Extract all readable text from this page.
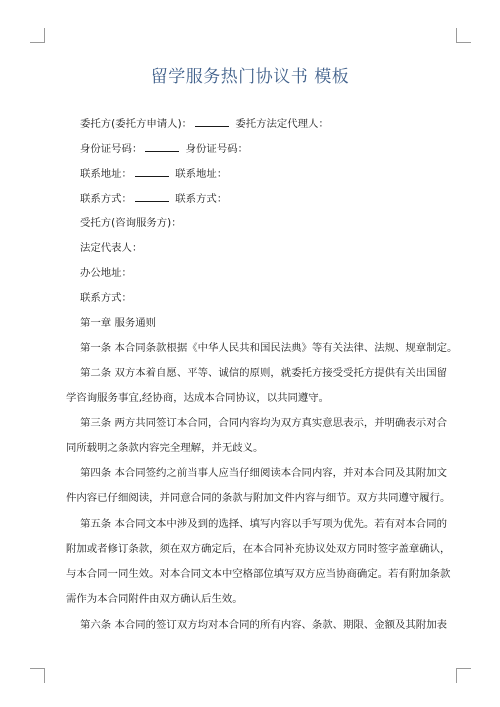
留学服务热门协议书 模板
委托方(委托方申请人)：	委托方法定代理人：
身份证号码：	身份证号码：
联系地址：	联系地址：
联系方式：	联系方式：
受托方(咨询服务方)：
法定代表人：
办公地址：
联系方式：
第一章 服务通则
第一条 本合同条款根据《中华人民共和国民法典》等有关法律、法规、规章制定。
第二条 双方本着自愿、平等、诚信的原则，就委托方接受受托方提供有关出国留
学咨询服务事宜,经协商，达成本合同协议，以共同遵守。
第三条 两方共同签订本合同，合同内容均为双方真实意思表示，并明确表示对合
同所载明之条款内容完全理解，并无歧义。
第四条 本合同签约之前当事人应当仔细阅读本合同内容，并对本合同及其附加文
件内容已仔细阅读，并同意合同的条款与附加文件内容与细节。双方共同遵守履行。
第五条 本合同文本中涉及到的选择、填写内容以手写项为优先。若有对本合同的
附加或者修订条款，须在双方确定后，在本合同补充协议处双方同时签字盖章确认，
与本合同一同生效。对本合同文本中空格部位填写双方应当协商确定。若有附加条款
需作为本合同附件由双方确认后生效。
第六条 本合同的签订双方均对本合同的所有内容、条款、期限、金额及其附加表
